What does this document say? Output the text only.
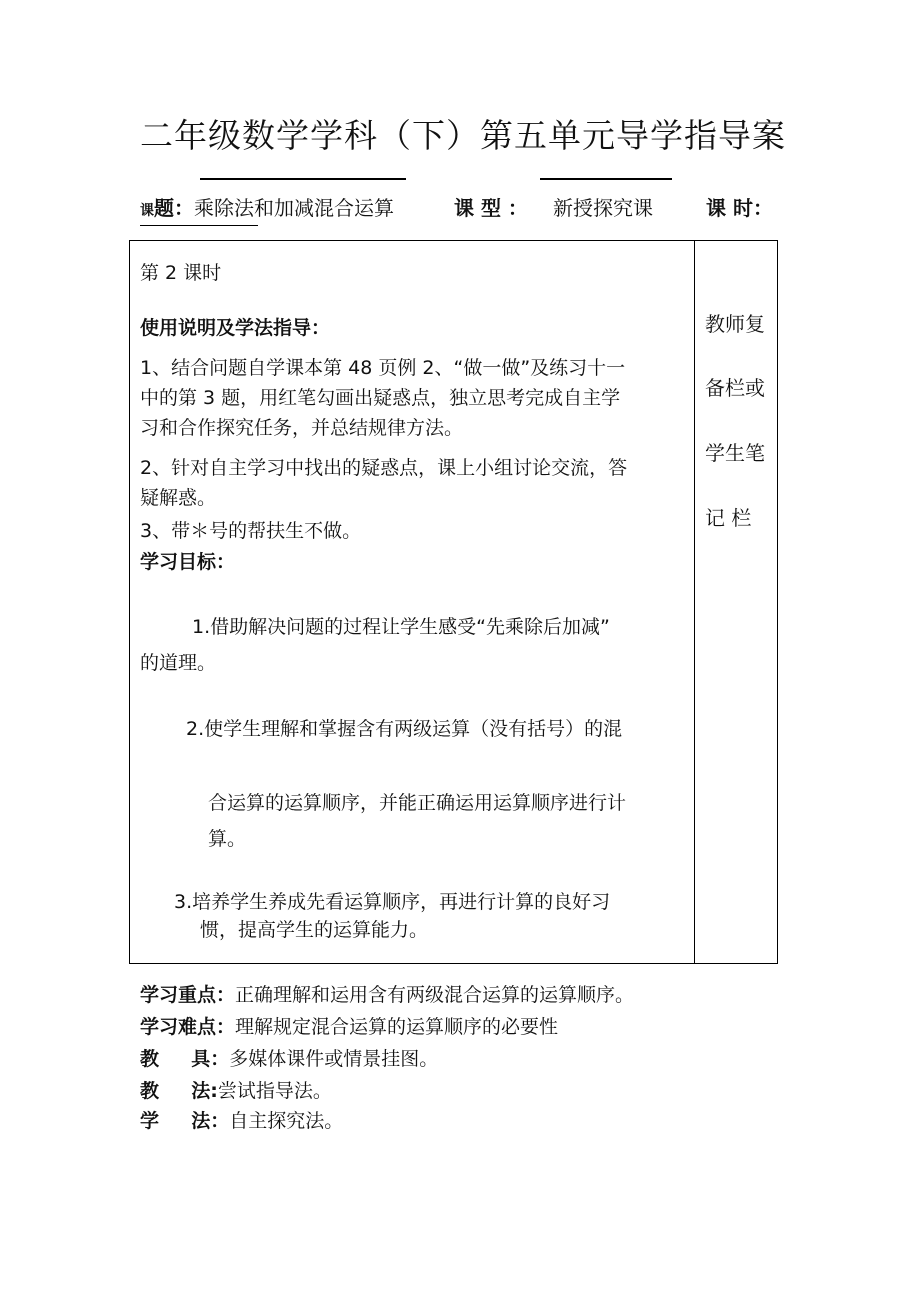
二年级数学学科（下）第五单元导学指导案
课题：乘除法和加减混合运算	课 型 ： 新授探究课	课 时：
第 2 课时
使用说明及学法指导：
1、结合问题自学课本第 48 页例 2、“做一做”及练习十一
中的第 3 题，用红笔勾画出疑惑点，独立思考完成自主学
习和合作探究任务，并总结规律方法。
2、针对自主学习中找出的疑惑点，课上小组讨论交流，答
疑解惑。
3、带＊号的帮扶生不做。
学习目标：
1.借助解决问题的过程让学生感受“先乘除后加减”
的道理。
2.使学生理解和掌握含有两级运算（没有括号）的混
合运算的运算顺序，并能正确运用运算顺序进行计
算。
3.培养学生养成先看运算顺序，再进行计算的良好习
惯，提高学生的运算能力。
教师复
备栏或
学生笔
记 栏
学习重点：正确理解和运用含有两级混合运算的运算顺序。
学习难点：理解规定混合运算的运算顺序的必要性
教 　 具：多媒体课件或情景挂图。
教 　 法:尝试指导法。
学 　 法：自主探究法。
